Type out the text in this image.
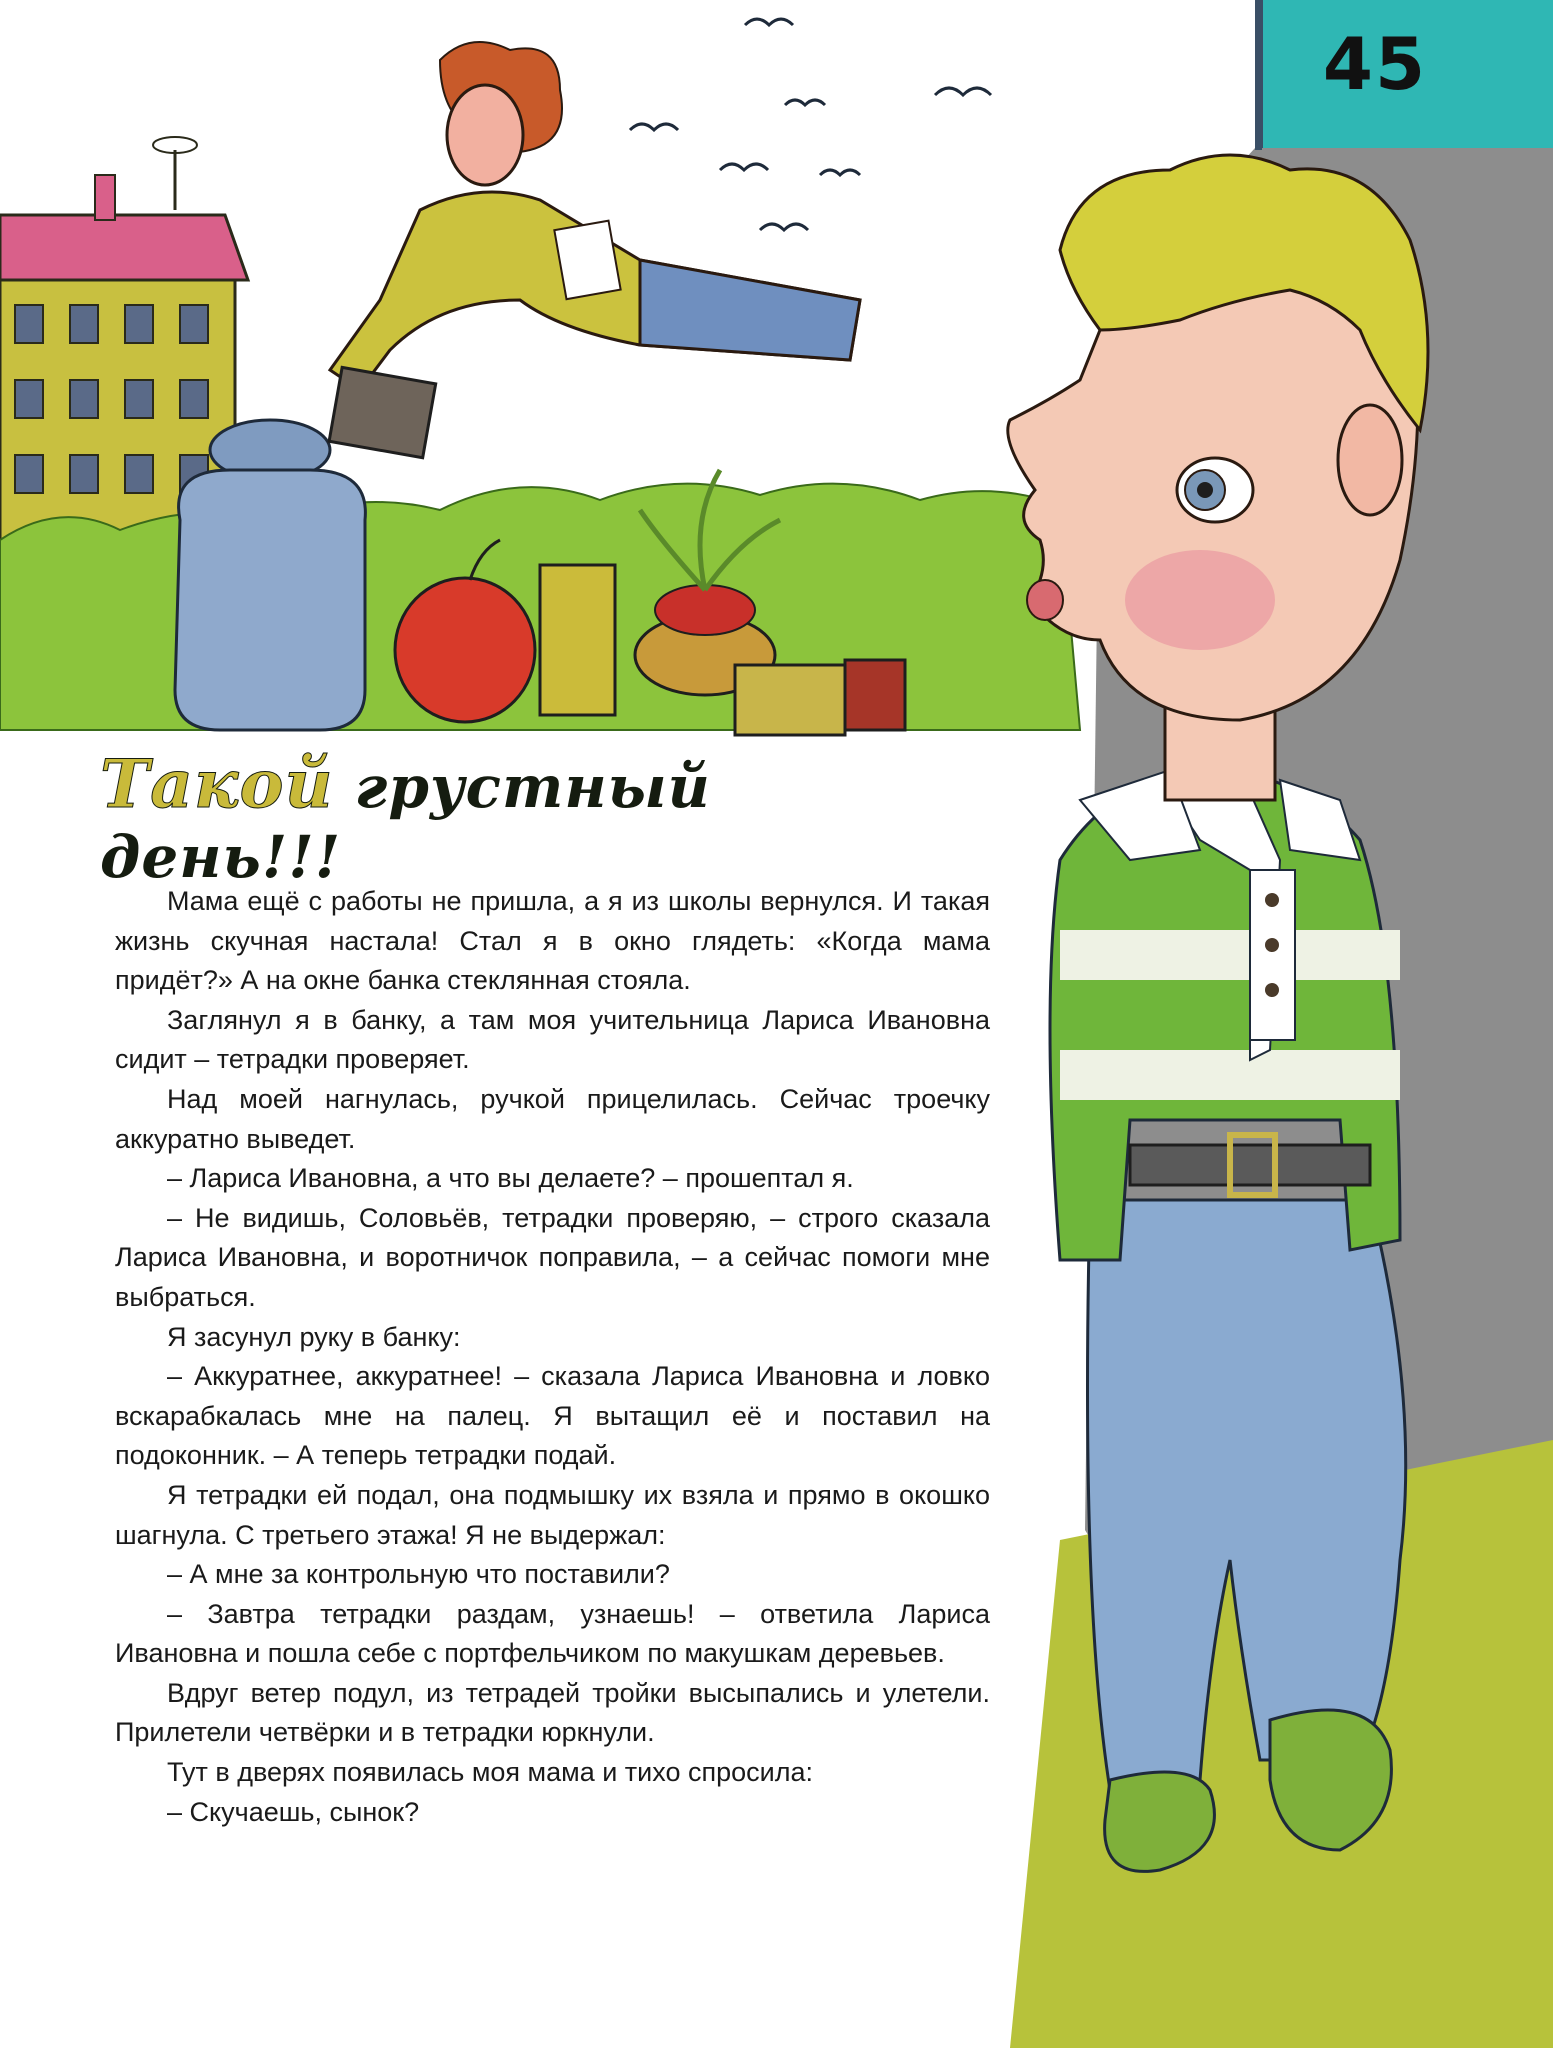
45
Такой грустный день!!!

Мама ещё с работы не пришла, а я из школы вернулся. И такая жизнь скучная настала! Стал я в окно глядеть: «Когда мама придёт?» А на окне банка стеклянная стояла.

Заглянул я в банку, а там моя учительница Лариса Ивановна сидит – тетрадки проверяет.

Над моей нагнулась, ручкой прицелилась. Сейчас троечку аккуратно выведет.

– Лариса Ивановна, а что вы делаете? – прошептал я.

– Не видишь, Соловьёв, тетрадки проверяю, – строго сказала Лариса Ивановна, и воротничок поправила, – а сейчас помоги мне выбраться.

Я засунул руку в банку:

– Аккуратнее, аккуратнее! – сказала Лариса Ивановна и ловко вскарабкалась мне на палец. Я вытащил её и поставил на подоконник. – А теперь тетрадки подай.

Я тетрадки ей подал, она подмышку их взяла и прямо в окошко шагнула. С третьего этажа! Я не выдержал:

– А мне за контрольную что поставили?

– Завтра тетрадки раздам, узнаешь! – ответила Лариса Ивановна и пошла себе с портфельчиком по макушкам деревьев.

Вдруг ветер подул, из тетрадей тройки высыпались и улетели. Прилетели четвёрки и в тетрадки юркнули.

Тут в дверях появилась моя мама и тихо спросила:

– Скучаешь, сынок?
